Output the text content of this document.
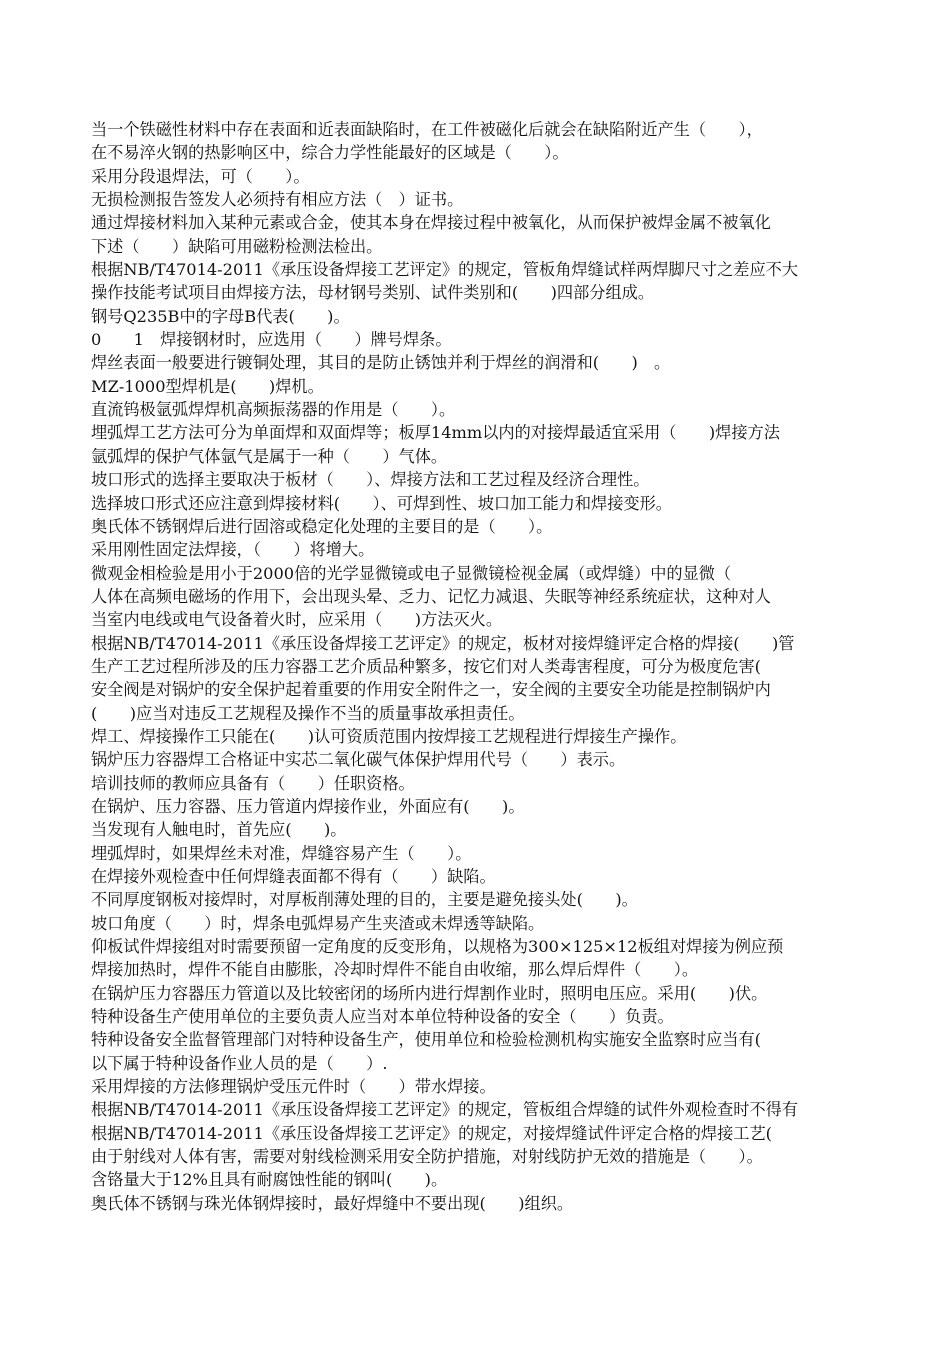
当一个铁磁性材料中存在表面和近表面缺陷时，在工件被磁化后就会在缺陷附近产生（　　），
在不易淬火钢的热影响区中，综合力学性能最好的区域是（　　）。
采用分段退焊法，可（　　）。
无损检测报告签发人必须持有相应方法（　）证书。
通过焊接材料加入某种元素或合金，使其本身在焊接过程中被氧化，从而保护被焊金属不被氧化
下述（　　）缺陷可用磁粉检测法检出。
根据NB/T47014-2011《承压设备焊接工艺评定》的规定，管板角焊缝试样两焊脚尺寸之差应不大
操作技能考试项目由焊接方法，母材钢号类别、试件类别和(　　)四部分组成。
钢号Q235B中的字母B代表(　　)。
0　　1　焊接钢材时，应选用（　　）牌号焊条。
焊丝表面一般要进行镀铜处理，其目的是防止锈蚀并利于焊丝的润滑和(　　)　。
MZ-1000型焊机是(　　)焊机。
直流钨极氩弧焊焊机高频振荡器的作用是（　　）。
埋弧焊工艺方法可分为单面焊和双面焊等；板厚14mm以内的对接焊最适宜采用（　　)焊接方法
氩弧焊的保护气体氩气是属于一种（　　）气体。
坡口形式的选择主要取决于板材（　　）、焊接方法和工艺过程及经济合理性。
选择坡口形式还应注意到焊接材料(　　）、可焊到性、坡口加工能力和焊接变形。
奥氏体不锈钢焊后进行固溶或稳定化处理的主要目的是（　　）。
采用刚性固定法焊接，（　　）将增大。
微观金相检验是用小于2000倍的光学显微镜或电子显微镜检视金属（或焊缝）中的显微（
人体在高频电磁场的作用下，会出现头晕、乏力、记忆力减退、失眠等神经系统症状，这种对人
当室内电线或电气设备着火时，应采用（　　)方法灭火。
根据NB/T47014-2011《承压设备焊接工艺评定》的规定，板材对接焊缝评定合格的焊接(　　)管
生产工艺过程所涉及的压力容器工艺介质品种繁多，按它们对人类毒害程度，可分为极度危害(
安全阀是对锅炉的安全保护起着重要的作用安全附件之一，安全阀的主要安全功能是控制锅炉内
(　　)应当对违反工艺规程及操作不当的质量事故承担责任。
焊工、焊接操作工只能在(　　)认可资质范围内按焊接工艺规程进行焊接生产操作。
锅炉压力容器焊工合格证中实芯二氧化碳气体保护焊用代号（　　）表示。
培训技师的教师应具备有（　　）任职资格。
在锅炉、压力容器、压力管道内焊接作业，外面应有(　　)。
当发现有人触电时，首先应(　　)。
埋弧焊时，如果焊丝未对准，焊缝容易产生（　　）。
在焊接外观检查中任何焊缝表面都不得有（　　）缺陷。
不同厚度钢板对接焊时，对厚板削薄处理的目的，主要是避免接头处(　　)。
坡口角度（　　）时，焊条电弧焊易产生夹渣或未焊透等缺陷。
仰板试件焊接组对时需要预留一定角度的反变形角，以规格为300×125×12板组对焊接为例应预
焊接加热时，焊件不能自由膨胀，冷却时焊件不能自由收缩，那么焊后焊件（　　）。
在锅炉压力容器压力管道以及比较密闭的场所内进行焊割作业时，照明电压应。采用(　　)伏。
特种设备生产使用单位的主要负责人应当对本单位特种设备的安全（　　）负责。
特种设备安全监督管理部门对特种设备生产，使用单位和检验检测机构实施安全监察时应当有(
以下属于特种设备作业人员的是（　　）.
采用焊接的方法修理锅炉受压元件时（　　）带水焊接。
根据NB/T47014-2011《承压设备焊接工艺评定》的规定，管板组合焊缝的试件外观检查时不得有
根据NB/T47014-2011《承压设备焊接工艺评定》的规定，对接焊缝试件评定合格的焊接工艺(
由于射线对人体有害，需要对射线检测采用安全防护措施，对射线防护无效的措施是（　　）。
含铬量大于12%且具有耐腐蚀性能的钢叫(　　)。
奥氏体不锈钢与珠光体钢焊接时，最好焊缝中不要出现(　　)组织。
